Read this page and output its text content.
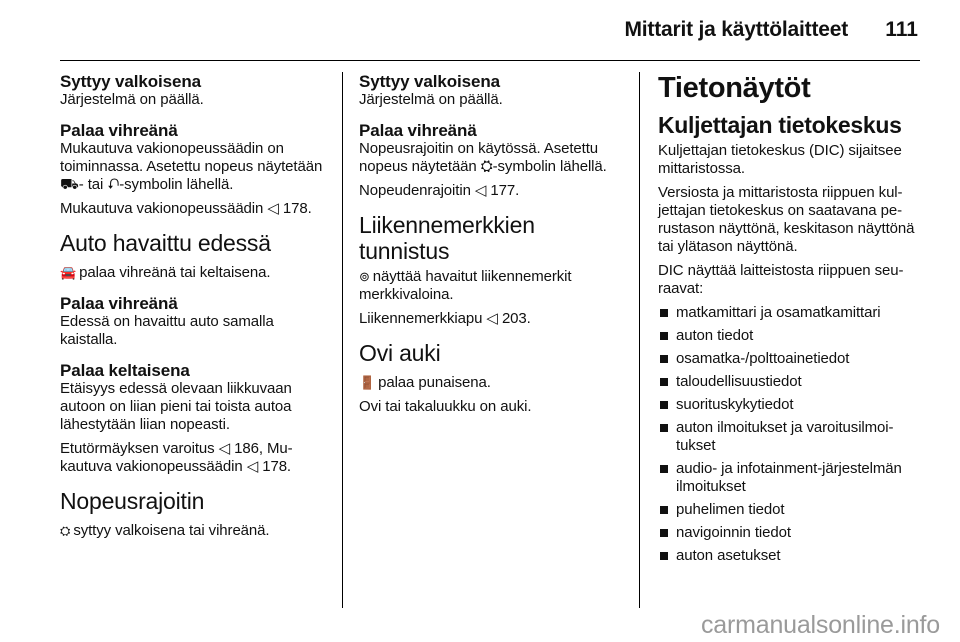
Mittarit ja käyttölaitteet 111
Syttyy valkoisena

Järjestelmä on päällä.

Palaa vihreänä

Mukautuva vakionopeussäädin on toiminnassa. Asetettu nopeus näytetään ⛟- tai ⮏-symbolin lähellä.

Mukautuva vakionopeussäädin ◁ 178.

Auto havaittu edessä

🚘 palaa vihreänä tai keltaisena.

Palaa vihreänä

Edessä on havaittu auto samalla kaistalla.

Palaa keltaisena

Etäisyys edessä olevaan liikkuvaan autoon on liian pieni tai toista autoa lähestytään liian nopeasti.

Etutörmäyksen varoitus ◁ 186, Mukautuva vakionopeussäädin ◁ 178.

Nopeusrajoitin

⛭ syttyy valkoisena tai vihreänä.

Syttyy valkoisena

Järjestelmä on päällä.

Palaa vihreänä

Nopeusrajoitin on käytössä. Asetettu nopeus näytetään ⛭-symbolin lähellä.

Nopeudenrajoitin ◁ 177.

Liikennemerkkien tunnistus

⊚ näyttää havaitut liikennemerkit merkkivaloina.

Liikennemerkkiapu ◁ 203.

Ovi auki

🚪 palaa punaisena.

Ovi tai takaluukku on auki.

Tietonäytöt
Kuljettajan tietokeskus

Kuljettajan tietokeskus (DIC) sijaitsee mittaristossa.

Versiosta ja mittaristosta riippuen kuljettajan tietokeskus on saatavana perustason näyttönä, keskitason näyttönä tai ylätason näyttönä.

DIC näyttää laitteistosta riippuen seuraavat:

matkamittari ja osamatkamittari
auton tiedot
osamatka-/polttoainetiedot
taloudellisuustiedot
suorituskykytiedot
auton ilmoitukset ja varoitusilmoitukset
audio- ja infotainment-järjestelmän ilmoitukset
puhelimen tiedot
navigoinnin tiedot
auton asetukset
carmanualsonline.info
